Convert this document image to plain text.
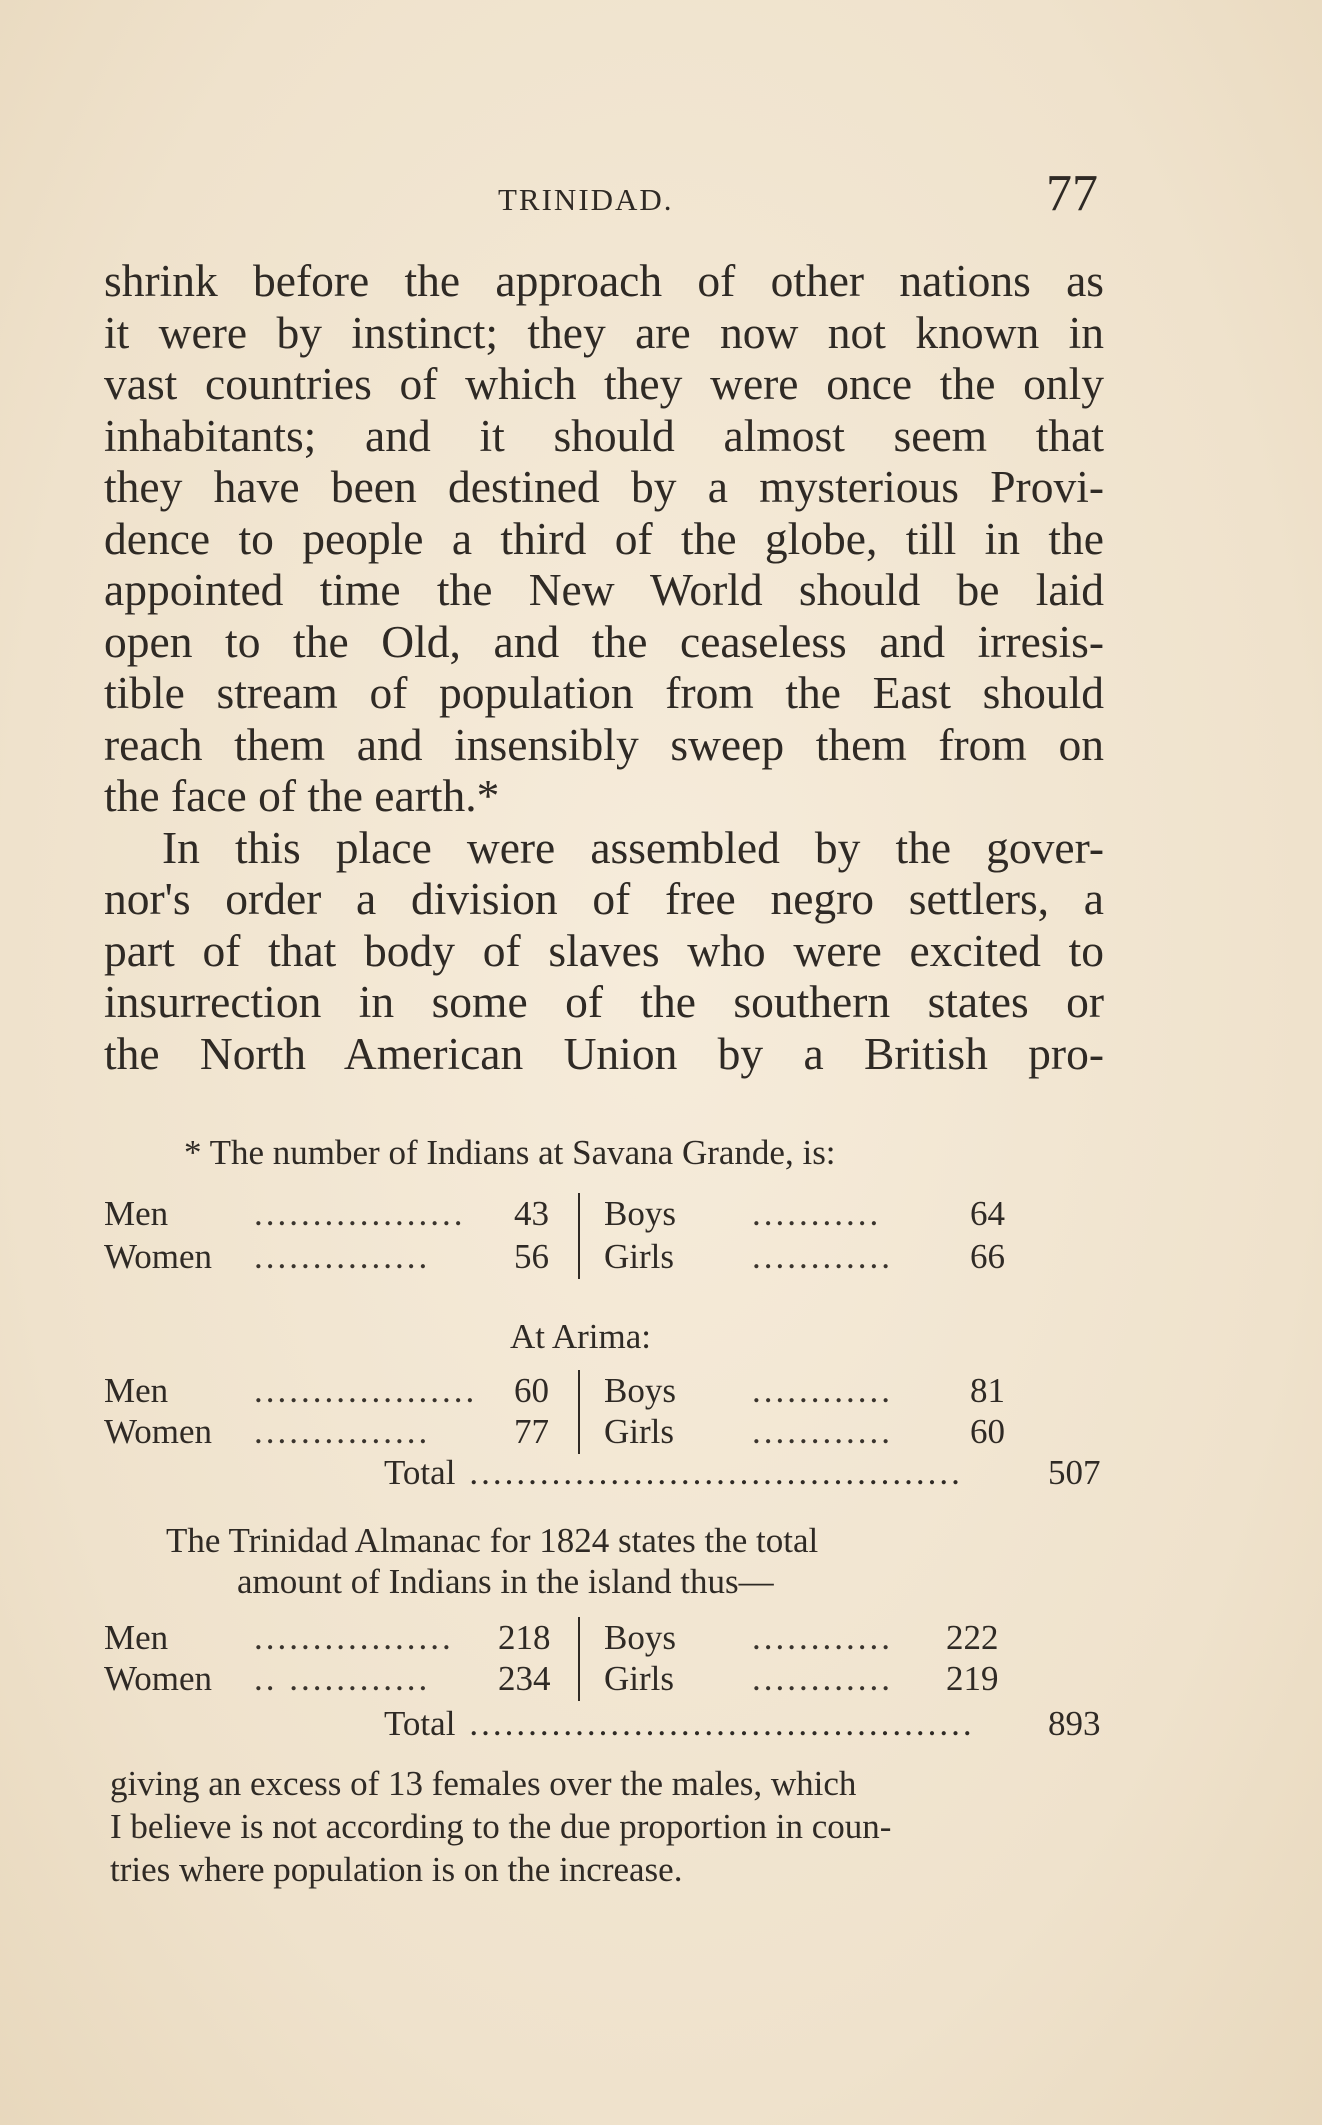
TRINIDAD.	77
shrink before the approach of other nations as
it were by instinct; they are now not known in
vast countries of which they were once the only
inhabitants; and it should almost seem that
they have been destined by a mysterious Provi-
dence to people a third of the globe, till in the
appointed time the New World should be laid
open to the Old, and the ceaseless and irresis-
tible stream of population from the East should
reach them and insensibly sweep them from on
the face of the earth.*
In this place were assembled by the gover-
nor's order a division of free negro settlers, a
part of that body of slaves who were excited to
insurrection in some of the southern states or
the North American Union by a British pro-
* The number of Indians at Savana Grande, is:
Men .................. 43 Boys ...........	64
Women ............... 56 Girls ............ 66
At Arima:
Men ................... 60 Boys ............ 81
Women ............... 77 Girls ............ 60
Total .......................................... 507
The Trinidad Almanac for 1824 states the total
amount of Indians in the island thus—
Men ................. 218 Boys ............ 222
Women .. ............ 234 Girls ............ 219
Total ........................................... 893
giving an excess of 13 females over the males, which
I believe is not according to the due proportion in coun-
tries where population is on the increase.
